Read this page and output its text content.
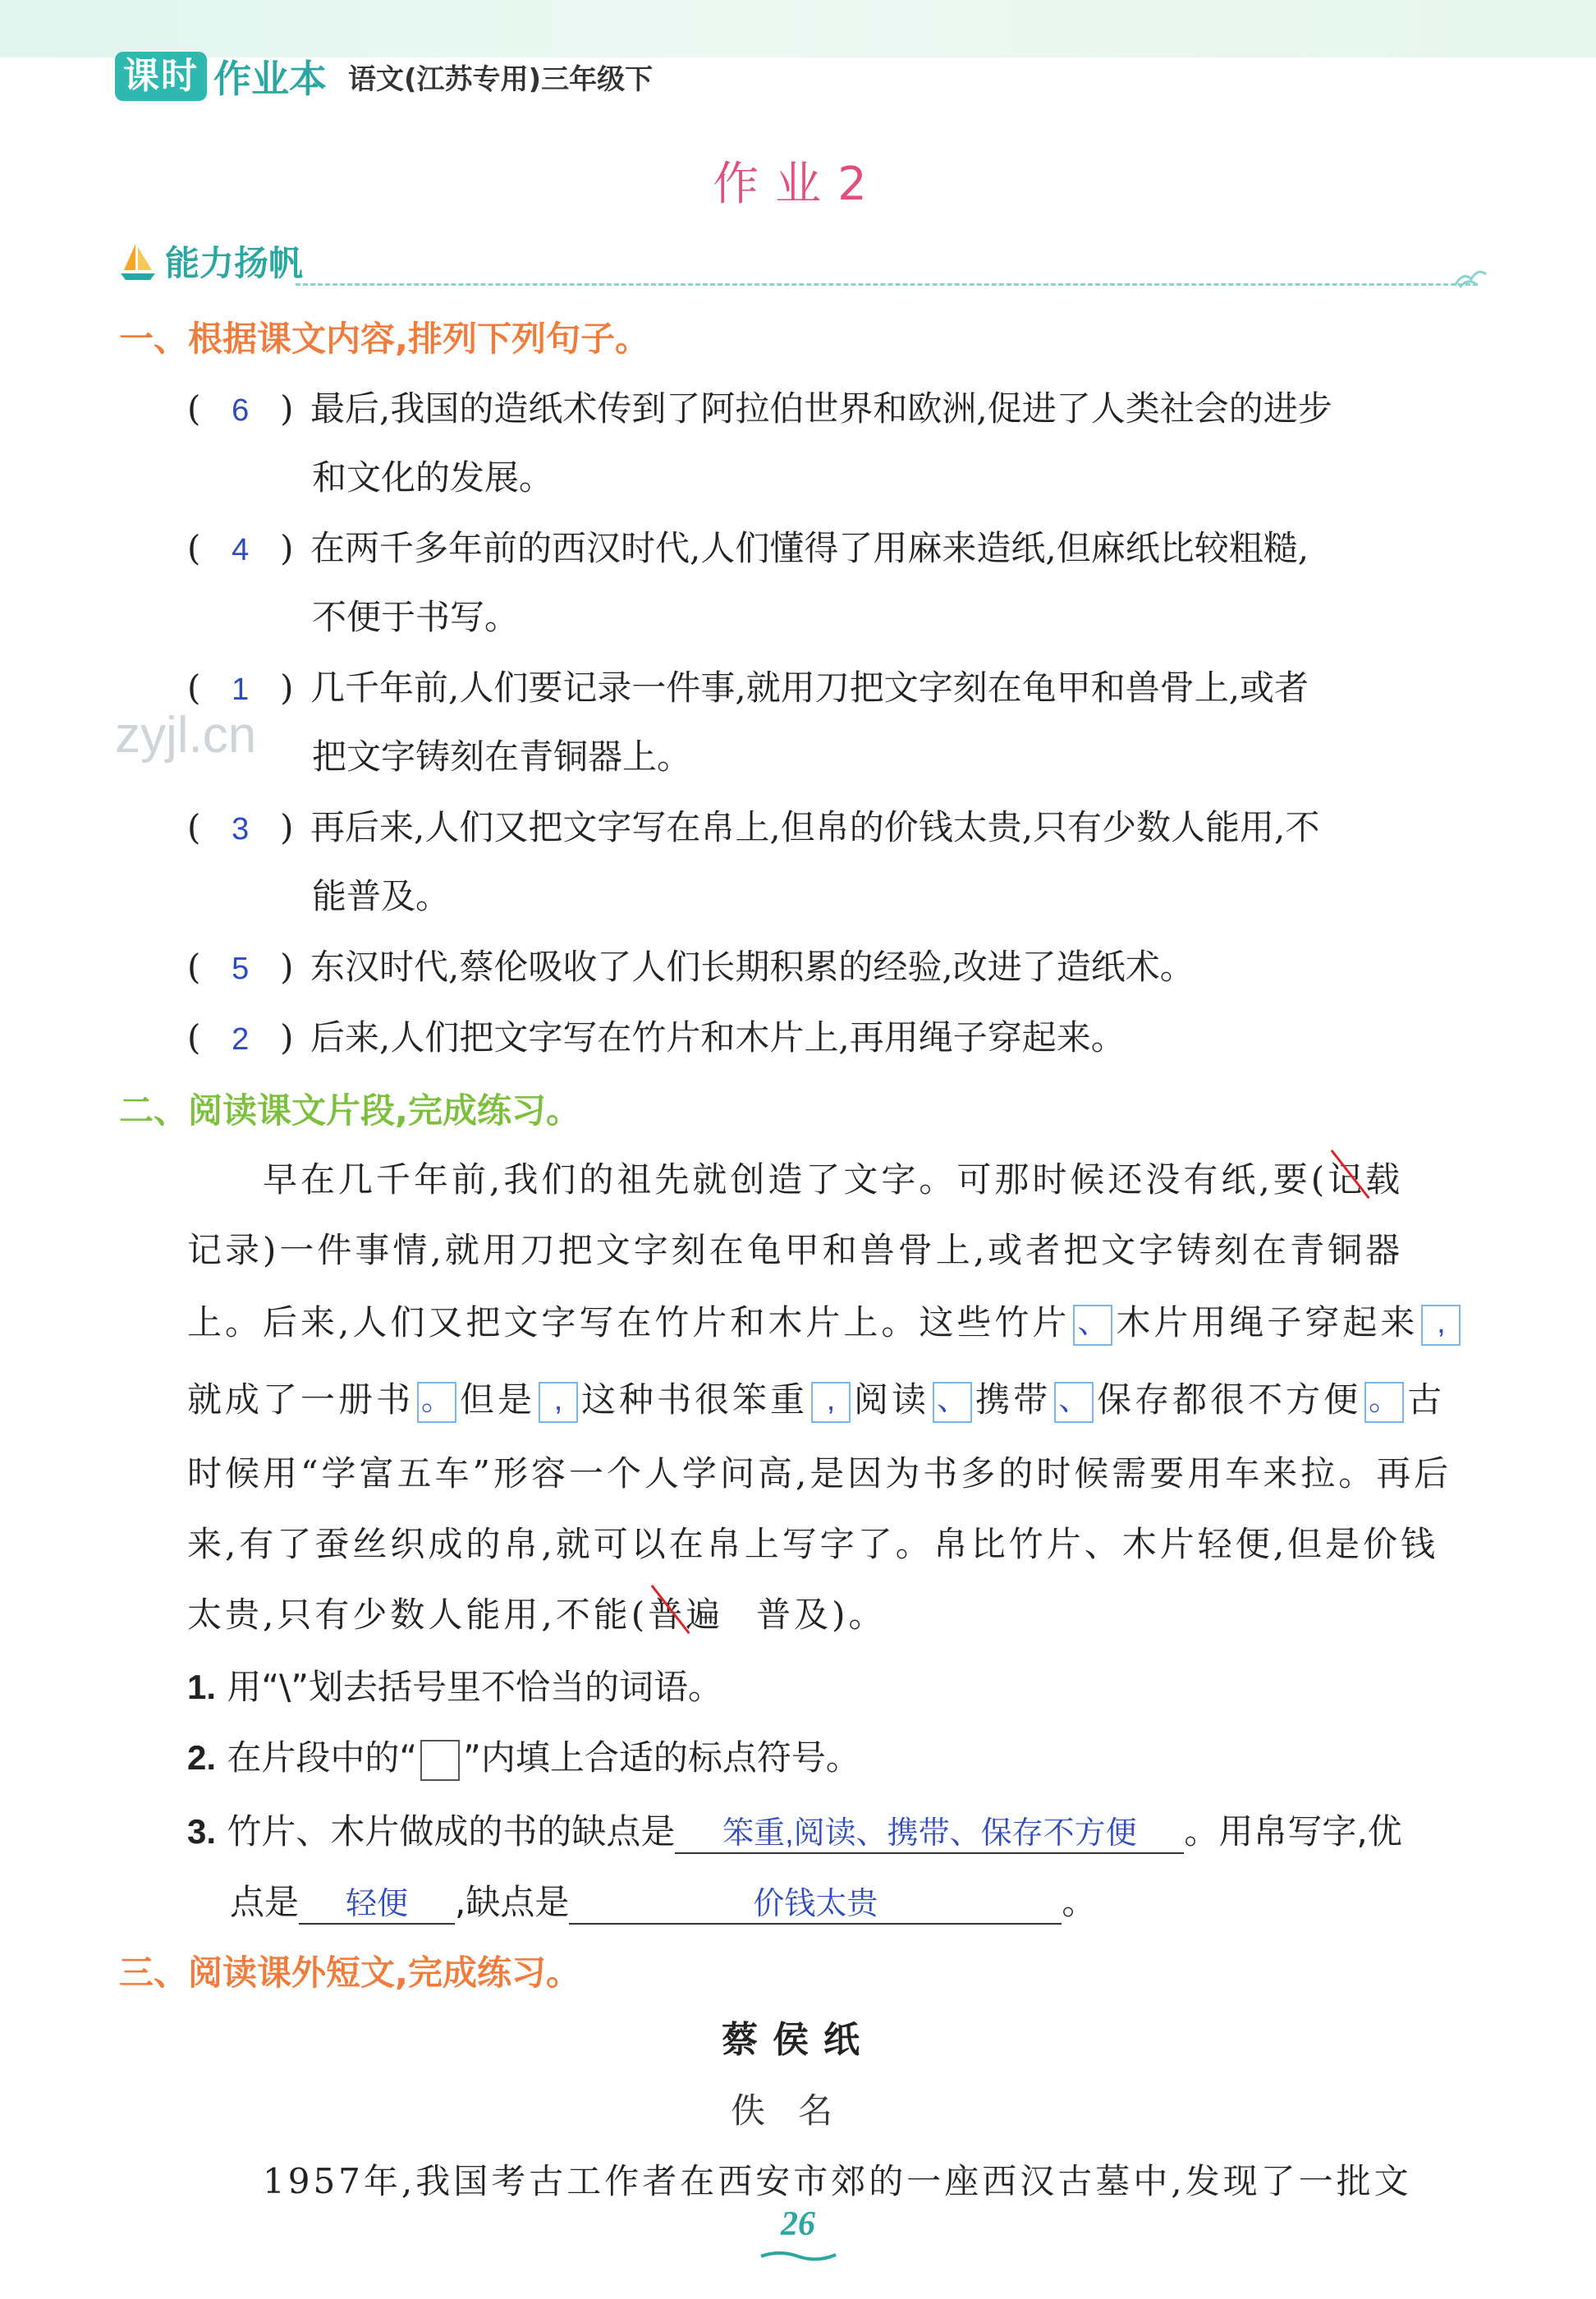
课时 作业本 语文(江苏专用)三年级下
作业2
能力扬帆
一、根据课文内容,排列下列句子。
( 6 ) 最后,我国的造纸术传到了阿拉伯世界和欧洲,促进了人类社会的进步
和文化的发展。
( 4 ) 在两千多年前的西汉时代,人们懂得了用麻来造纸,但麻纸比较粗糙,
不便于书写。
( 1 ) 几千年前,人们要记录一件事,就用刀把文字刻在龟甲和兽骨上,或者
把文字铸刻在青铜器上。
( 3 ) 再后来,人们又把文字写在帛上,但帛的价钱太贵,只有少数人能用,不
能普及。
( 5 ) 东汉时代,蔡伦吸收了人们长期积累的经验,改进了造纸术。
( 2 ) 后来,人们把文字写在竹片和木片上,再用绳子穿起来。
zyjl.cn
二、阅读课文片段,完成练习。
早在几千年前,我们的祖先就创造了文字。可那时候还没有纸,要(记载
记录)一件事情,就用刀把文字刻在龟甲和兽骨上,或者把文字铸刻在青铜器
上。后来,人们又把文字写在竹片和木片上。这些竹片 、 木片用绳子穿起来 ,
就成了一册书 。 但是 , 这种书很笨重 , 阅读 、 携带 、 保存都很不方便 。 古
时候用“学富五车”形容一个人学问高,是因为书多的时候需要用车来拉。再后
来,有了蚕丝织成的帛,就可以在帛上写字了。帛比竹片、木片轻便,但是价钱
太贵,只有少数人能用,不能(普遍 普及)。
1. 用“\”划去括号里不恰当的词语。
2. 在片段中的“ ”内填上合适的标点符号。
3. 竹片、木片做成的书的缺点是 笨重,阅读、携带、保存不方便 。用帛写字,优
点是 轻便 ,缺点是	价钱太贵	。
三、阅读课外短文,完成练习。
蔡侯纸
佚名
1957年,我国考古工作者在西安市郊的一座西汉古墓中,发现了一批文
26
